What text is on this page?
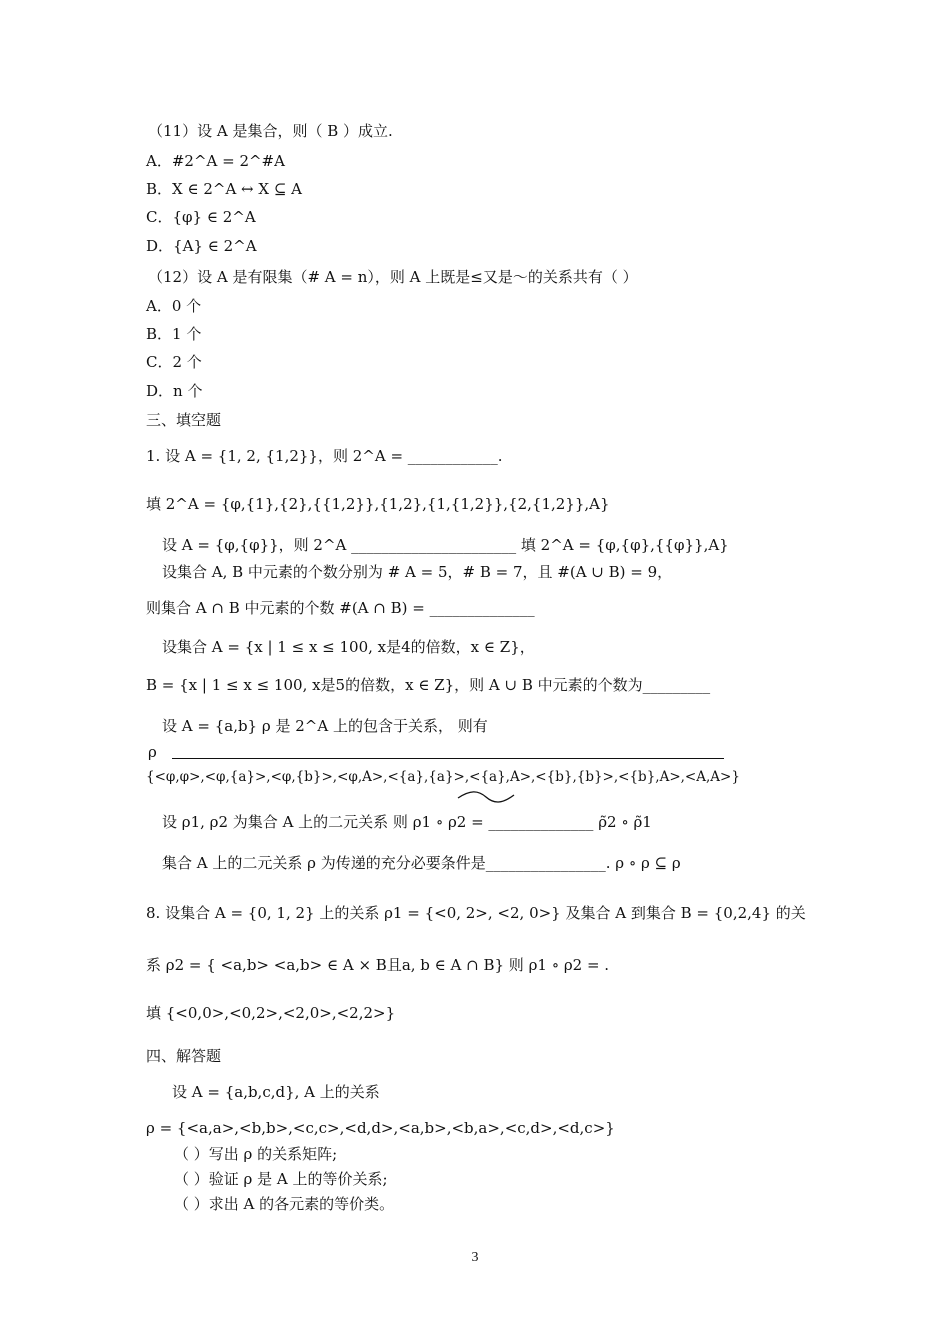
（11）设 A 是集合，则（ B ）成立.
A．#2^A = 2^#A
B．X ∈ 2^A ↔ X ⊆ A
C．{φ} ∈ 2^A
D．{A} ∈ 2^A
（12）设 A 是有限集（# A = n），则 A 上既是≤又是～的关系共有（ ）
A．0 个
B．1 个
C．2 个
D．n 个
三、填空题
1. 设 A = {1, 2, {1,2}}，则 2^A = ____________.
填 2^A = {φ,{1},{2},{{1,2}},{1,2},{1,{1,2}},{2,{1,2}},A}
设 A = {φ,{φ}}，则 2^A ______________________ 填 2^A = {φ,{φ},{{φ}},A}
设集合 A, B 中元素的个数分别为 # A = 5，# B = 7，且 #(A ∪ B) = 9，
则集合 A ∩ B 中元素的个数 #(A ∩ B) = ______________
设集合 A = {x | 1 ≤ x ≤ 100, x是4的倍数，x ∈ Z}，
B = {x | 1 ≤ x ≤ 100, x是5的倍数，x ∈ Z}，则 A ∪ B 中元素的个数为_________
设 A = {a,b} ρ 是 2^A 上的包含于关系， 则有
ρ
{<φ,φ>,<φ,{a}>,<φ,{b}>,<φ,A>,<{a},{a}>,<{a},A>,<{b},{b}>,<{b},A>,<A,A>}
设 ρ1, ρ2 为集合 A 上的二元关系 则 ρ1 ∘ ρ2 = ______________ ρ̃2 ∘ ρ̃1
集合 A 上的二元关系 ρ 为传递的充分必要条件是________________. ρ ∘ ρ ⊆ ρ
8. 设集合 A = {0, 1, 2} 上的关系 ρ1 = {<0, 2>, <2, 0>} 及集合 A 到集合 B = {0,2,4} 的关
系 ρ2 = { <a,b> <a,b> ∈ A × B且a, b ∈ A ∩ B} 则 ρ1 ∘ ρ2 = .
填 {<0,0>,<0,2>,<2,0>,<2,2>}
四、解答题
设 A = {a,b,c,d}, A 上的关系
ρ = {<a,a>,<b,b>,<c,c>,<d,d>,<a,b>,<b,a>,<c,d>,<d,c>}
（ ）写出 ρ 的关系矩阵;
（ ）验证 ρ 是 A 上的等价关系;
（ ）求出 A 的各元素的等价类。
3
